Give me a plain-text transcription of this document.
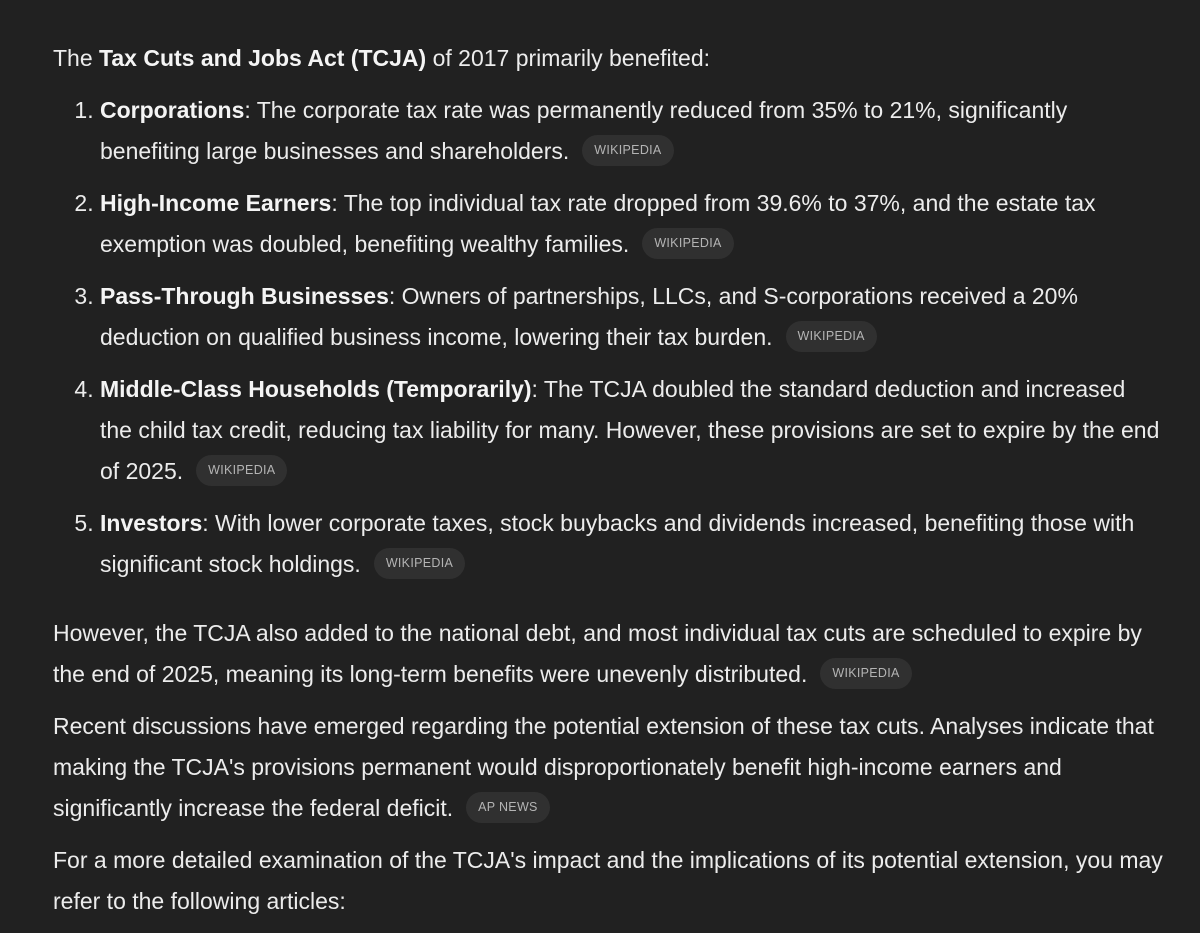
The Tax Cuts and Jobs Act (TCJA) of 2017 primarily benefited:

1. Corporations: The corporate tax rate was permanently reduced from 35% to 21%, significantly benefiting large businesses and shareholders. WIKIPEDIA
2. High-Income Earners: The top individual tax rate dropped from 39.6% to 37%, and the estate tax exemption was doubled, benefiting wealthy families. WIKIPEDIA
3. Pass-Through Businesses: Owners of partnerships, LLCs, and S-corporations received a 20% deduction on qualified business income, lowering their tax burden. WIKIPEDIA
4. Middle-Class Households (Temporarily): The TCJA doubled the standard deduction and increased the child tax credit, reducing tax liability for many. However, these provisions are set to expire by the end of 2025. WIKIPEDIA
5. Investors: With lower corporate taxes, stock buybacks and dividends increased, benefiting those with significant stock holdings. WIKIPEDIA

However, the TCJA also added to the national debt, and most individual tax cuts are scheduled to expire by the end of 2025, meaning its long-term benefits were unevenly distributed. WIKIPEDIA

Recent discussions have emerged regarding the potential extension of these tax cuts. Analyses indicate that making the TCJA's provisions permanent would disproportionately benefit high-income earners and significantly increase the federal deficit. AP NEWS

For a more detailed examination of the TCJA's impact and the implications of its potential extension, you may refer to the following articles:
